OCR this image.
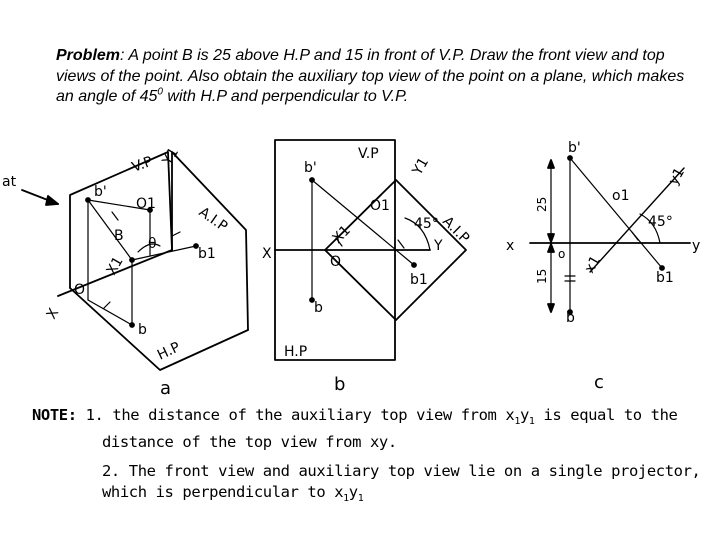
Problem: A point B is 25 above H.P and 15 in front of V.P. Draw the front view and top views of the point. Also obtain the auxiliary top view of the point on a plane, which makes an angle of $45^0$ with H.P and perpendicular to V.P.
at
V.P Y1
b'
O1
A.I.P
B θ
b1
X1
O
X
b
H.P
a
V.P
Y1
b'
O1
45° A.I.P
X	Y
X1
O
b1
b
H.P
b
b'
y1
25
o1
45°
x	y
o
15
x1
b1
b
c
NOTE: 1. the distance of the auxiliary top view from $x_1y_1$ is equal to the
distance of the top view from xy.
2. The front view and auxiliary top view lie on a single projector,
which is perpendicular to $x_1y_1$
